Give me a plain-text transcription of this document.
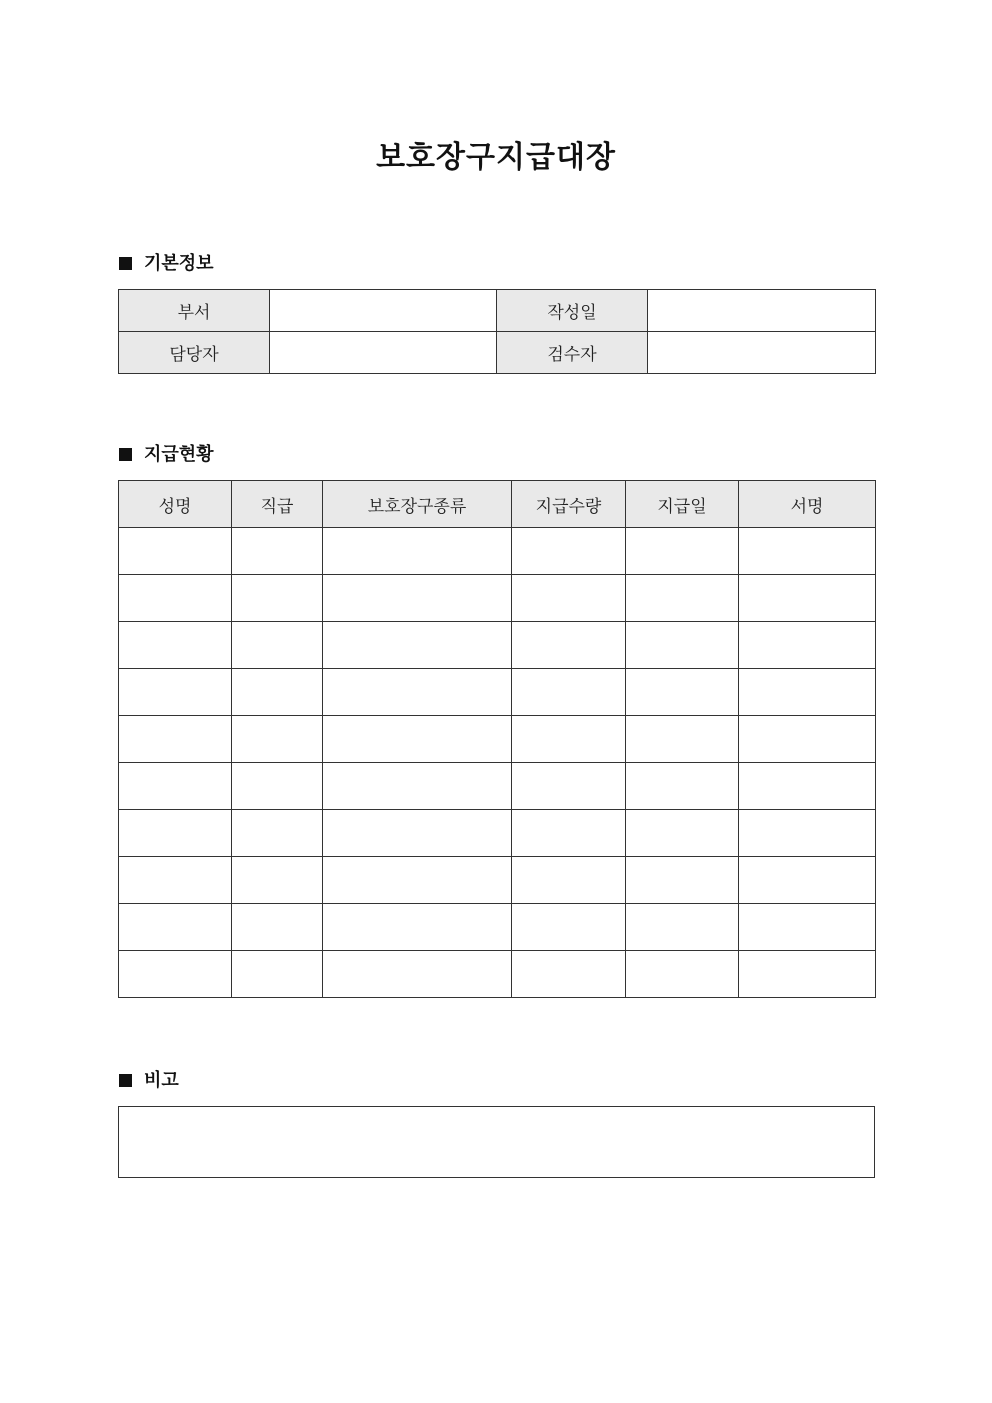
보호장구지급대장
기본정보
부서		작성일	
담당자		검수자	
지급현황
성명	직급	보호장구종류	지급수량	지급일	서명

비고
